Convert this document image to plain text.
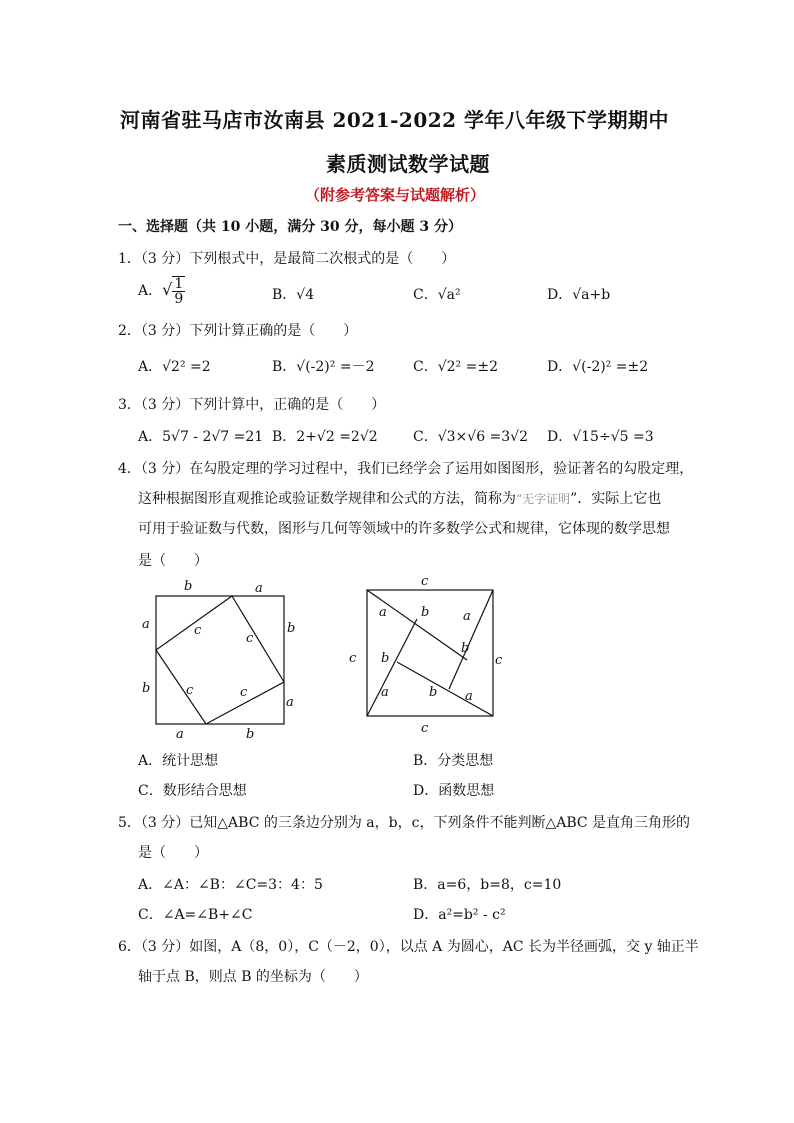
河南省驻马店市汝南县 2021-2022 学年八年级下学期期中
素质测试数学试题
（附参考答案与试题解析）
一、选择题（共 10 小题，满分 30 分，每小题 3 分）
1．（3 分）下列根式中，是最简二次根式的是（　　）
A．√ $\frac{1}{9}$	B．√4	C．√a²	D．√a+b
2．（3 分）下列计算正确的是（　　）
A．√2² =2	B．√(-2)² =－2	C．√2² =±2	D．√(-2)² =±2
3．（3 分）下列计算中，正确的是（　　）
A．5√7 - 2√7 =21 B．2+√2 =2√2	C．√3×√6 =3√2 D．√15÷√5 =3
4．（3 分）在勾股定理的学习过程中，我们已经学会了运用如图图形，验证著名的勾股定理，
这种根据图形直观推论或验证数学规律和公式的方法，简称为“无字证明”．实际上它也
可用于验证数与代数，图形与几何等领域中的许多数学公式和规律，它体现的数学思想
是（　　）
b	a
a
b
b
a
a	b
c
c
c	c
c
c
c	c
a	b	a
b
b
a	b a
A．统计思想	B．分类思想
C．数形结合思想	D．函数思想
5．（3 分）已知△ABC 的三条边分别为 a，b，c，下列条件不能判断△ABC 是直角三角形的
是（　　）
A．∠A：∠B：∠C=3：4：5	B．a=6，b=8，c=10
C．∠A=∠B+∠C	D．a²=b² - c²
6．（3 分）如图，A（8，0），C（－2，0），以点 A 为圆心，AC 长为半径画弧，交 y 轴正半
轴于点 B，则点 B 的坐标为（　　）
